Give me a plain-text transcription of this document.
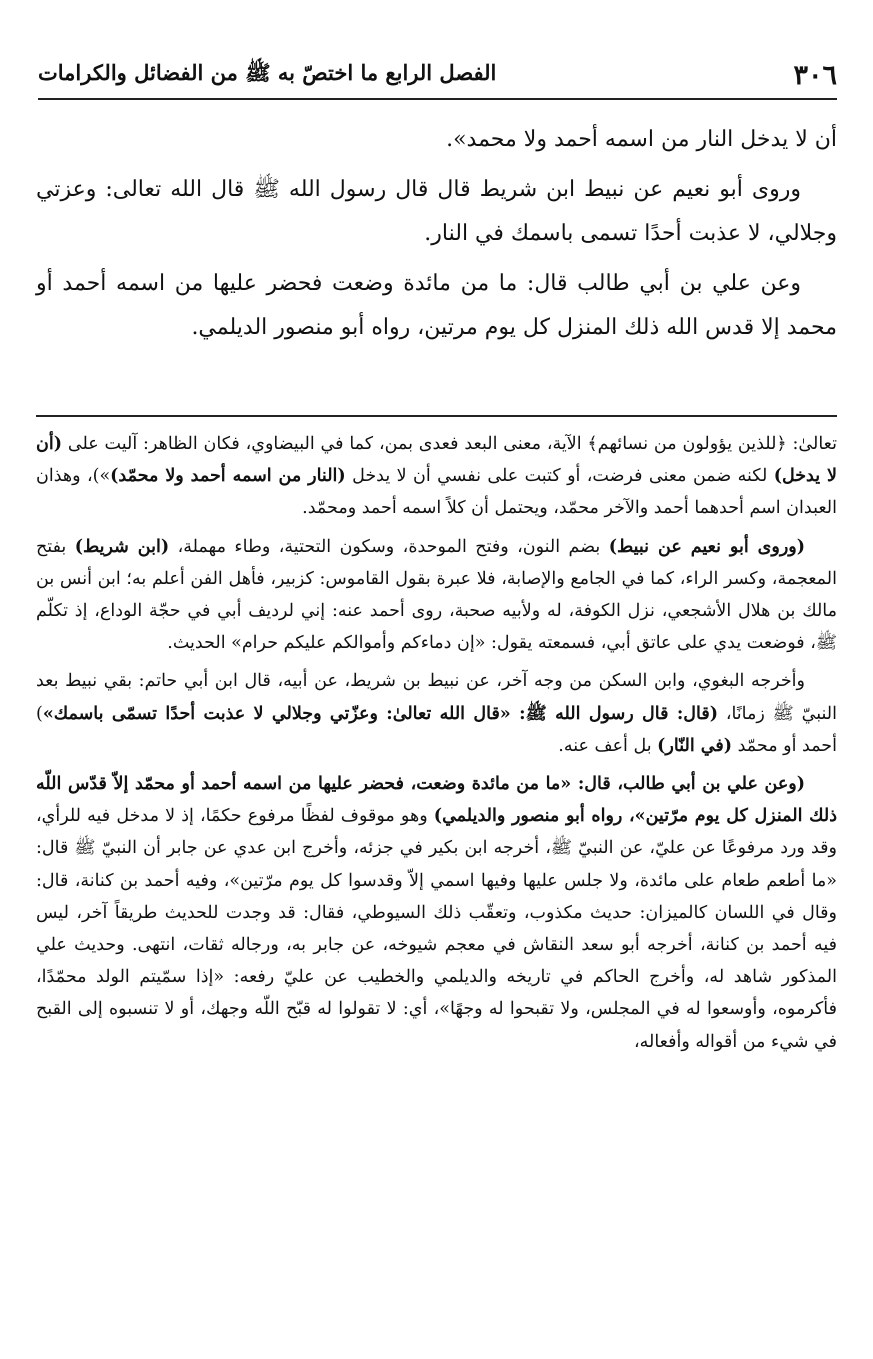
٣٠٦
الفصل الرابع ما اختصّ به ﷺ من الفضائل والكرامات

أن لا يدخل النار من اسمه أحمد ولا محمد».

وروى أبو نعيم عن نبيط ابن شريط قال قال رسول الله ﷺ قال الله تعالى: وعزتي وجلالي، لا عذبت أحدًا تسمى باسمك في النار.

وعن علي بن أبي طالب قال: ما من مائدة وضعت فحضر عليها من اسمه أحمد أو محمد إلا قدس الله ذلك المنزل كل يوم مرتين، رواه أبو منصور الديلمي.

تعالىٰ: ﴿للذين يؤولون من نسائهم﴾ الآية، معنى البعد فعدى بمن، كما في البيضاوي، فكان الظاهر: آليت على (أن لا يدخل) لكنه ضمن معنى فرضت، أو كتبت على نفسي أن لا يدخل (النار من اسمه أحمد ولا محمّد)»)، وهذان العبدان اسم أحدهما أحمد والآخر محمّد، ويحتمل أن كلاً اسمه أحمد ومحمّد.

(وروى أبو نعيم عن نبيط) بضم النون، وفتح الموحدة، وسكون التحتية، وطاء مهملة، (ابن شريط) بفتح المعجمة، وكسر الراء، كما في الجامع والإصابة، فلا عبرة بقول القاموس: كزبير، فأهل الفن أعلم به؛ ابن أنس بن مالك بن هلال الأشجعي، نزل الكوفة، له ولأبيه صحبة، روى أحمد عنه: إني لرديف أبي في حجّة الوداع، إذ تكلّم ﷺ، فوضعت يدي على عاتق أبي، فسمعته يقول: «إن دماءكم وأموالكم عليكم حرام» الحديث.

وأخرجه البغوي، وابن السكن من وجه آخر، عن نبيط بن شريط، عن أبيه، قال ابن أبي حاتم: بقي نبيط بعد النبيّ ﷺ زمانًا، (قال: قال رسول الله ﷺ: «قال الله تعالىٰ: وعزّتي وجلالي لا عذبت أحدًا تسمّى باسمك») أحمد أو محمّد (في النّار) بل أعف عنه.

(وعن علي بن أبي طالب، قال: «ما من مائدة وضعت، فحضر عليها من اسمه أحمد أو محمّد إلاّ قدّس اللّه ذلك المنزل كل يوم مرّتين»، رواه أبو منصور والديلمي) وهو موقوف لفظًا مرفوع حكمًا، إذ لا مدخل فيه للرأي، وقد ورد مرفوعًا عن عليّ، عن النبيّ ﷺ، أخرجه ابن بكير في جزئه، وأخرج ابن عدي عن جابر أن النبيّ ﷺ قال: «ما أطعم طعام على مائدة، ولا جلس عليها وفيها اسمي إلاّ وقدسوا كل يوم مرّتين»، وفيه أحمد بن كنانة، قال: وقال في اللسان كالميزان: حديث مكذوب، وتعقّب ذلك السيوطي، فقال: قد وجدت للحديث طريقاً آخر، ليس فيه أحمد بن كنانة، أخرجه أبو سعد النقاش في معجم شيوخه، عن جابر به، ورجاله ثقات، انتهى. وحديث علي المذكور شاهد له، وأخرج الحاكم في تاريخه والديلمي والخطيب عن عليّ رفعه: «إذا سمّيتم الولد محمّدًا، فأكرموه، وأوسعوا له في المجلس، ولا تقبحوا له وجهًا»، أي: لا تقولوا له قبّح اللّه وجهك، أو لا تنسبوه إلى القبح في شيء من أقواله وأفعاله،
